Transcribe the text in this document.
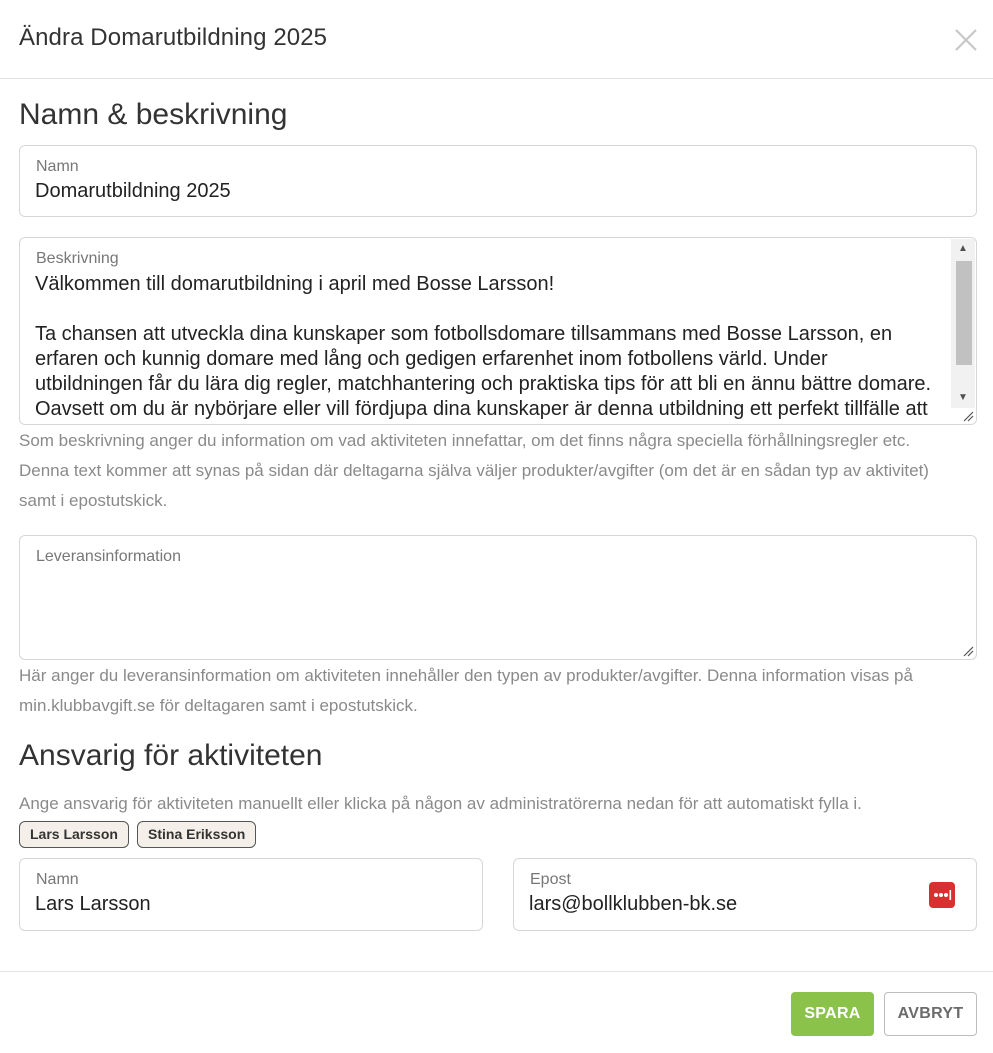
Ändra Domarutbildning 2025
Namn & beskrivning
Namn
Domarutbildning 2025
Beskrivning

Välkommen till domarutbildning i april med Bosse Larsson!

Ta chansen att utveckla dina kunskaper som fotbollsdomare tillsammans med Bosse Larsson, en

erfaren och kunnig domare med lång och gedigen erfarenhet inom fotbollens värld. Under

utbildningen får du lära dig regler, matchhantering och praktiska tips för att bli en ännu bättre domare.

Oavsett om du är nybörjare eller vill fördjupa dina kunskaper är denna utbildning ett perfekt tillfälle att

▲
▼
Som beskrivning anger du information om vad aktiviteten innefattar, om det finns några speciella förhållningsregler etc.
Denna text kommer att synas på sidan där deltagarna själva väljer produkter/avgifter (om det är en sådan typ av aktivitet)
samt i epostutskick.
Leveransinformation
Här anger du leveransinformation om aktiviteten innehåller den typen av produkter/avgifter. Denna information visas på
min.klubbavgift.se för deltagaren samt i epostutskick.
Ansvarig för aktiviteten
Ange ansvarig för aktiviteten manuellt eller klicka på någon av administratörerna nedan för att automatiskt fylla i.
Lars Larsson	Stina Eriksson
Namn
Lars Larsson	Epost
lars@bollklubben-bk.se
SPARA	AVBRYT
